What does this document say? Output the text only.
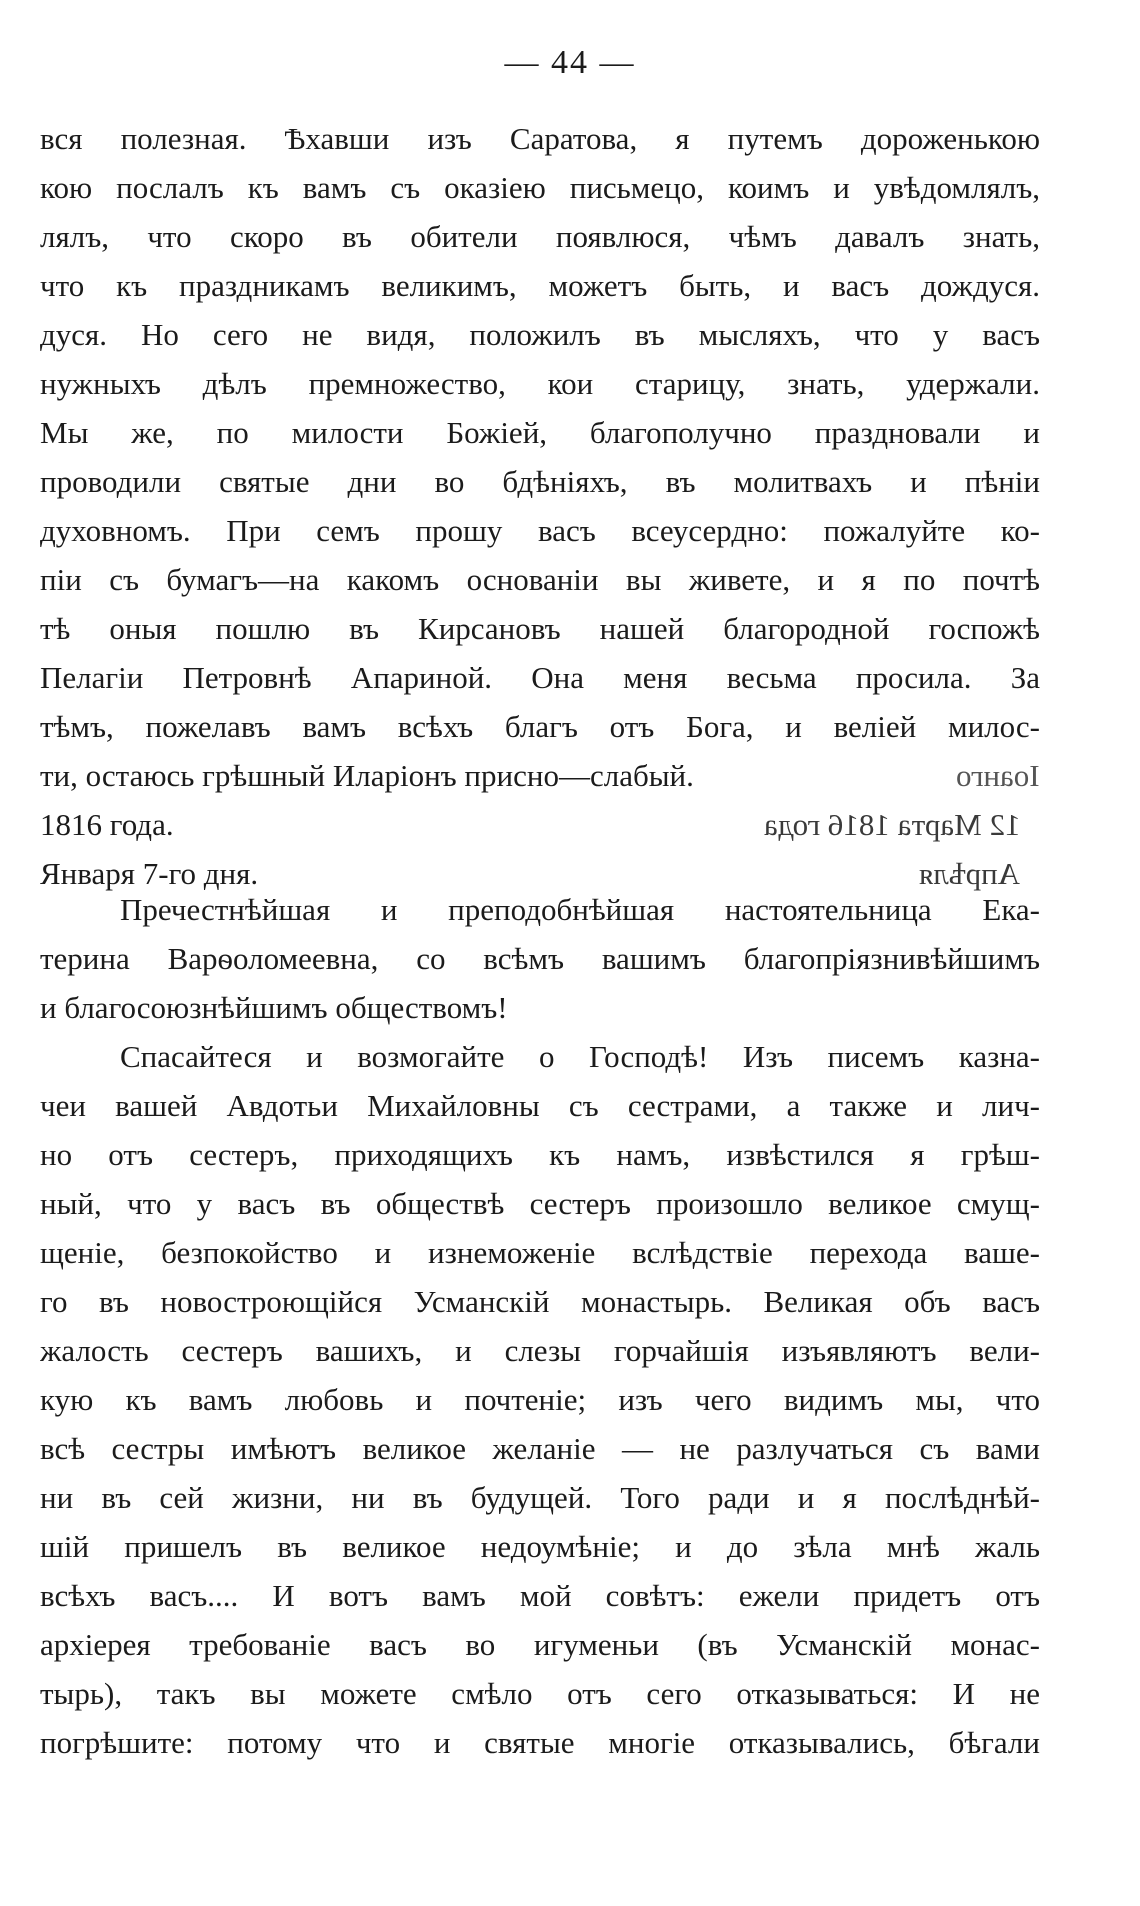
— 44 —
вся полезная. Ѣхавши изъ Саратова, я путемъ дороженькою
кою послалъ къ вамъ съ оказіею письмецо, коимъ и увѣдомлялъ,
лялъ, что скоро въ обители появлюся, чѣмъ давалъ знать,
что къ праздникамъ великимъ, можетъ быть, и васъ дождуся.
дуся. Но сего не видя, положилъ въ мысляхъ, что у васъ
нужныхъ дѣлъ премножество, кои старицу, знать, удержали.
Мы же, по милости Божіей, благополучно праздновали и
проводили святые дни во бдѣніяхъ, въ молитвахъ и пѣніи
духовномъ. При семъ прошу васъ всеусердно: пожалуйте ко-
піи съ бумагъ—на какомъ основаніи вы живете, и я по почтѣ
тѣ оныя пошлю въ Кирсановъ нашей благородной госпожѣ
Пелагіи Петровнѣ Апариной. Она меня весьма просила. За
тѣмъ, пожелавъ вамъ всѣхъ благъ отъ Бога, и велiей милос-
ти, остаюсь грѣшный Иларіонъ присно—слабый.	Іоанго
1816 года.	12 Марта 1816 года
Января 7-го дня.	Апрѣля
Пречестнѣйшая и преподобнѣйшая настоятельница Ека-
терина Варѳоломеевна, со всѣмъ вашимъ благопріязнивѣйшимъ
и благосоюзнѣйшимъ обществомъ!
Спасайтеся и возмогайте о Господѣ! Изъ писемъ казна-
чеи вашей Авдотьи Михайловны съ сестрами, а также и лич-
но отъ сестеръ, приходящихъ къ намъ, извѣстился я грѣш-
ный, что у васъ въ обществѣ сестеръ произошло великое смущ-
щеніе, безпокойство и изнеможеніе вслѣдствіе перехода ваше-
го въ новостроющійся Усманскій монастырь. Великая объ васъ
жалость сестеръ вашихъ, и слезы горчайшія изъявляютъ вели-
кую къ вамъ любовь и почтеніе; изъ чего видимъ мы, что
всѣ сестры имѣютъ великое желаніе — не разлучаться съ вами
ни въ сей жизни, ни въ будущей. Того ради и я послѣднѣй-
шій пришелъ въ великое недоумѣніе; и до зѣла мнѣ жаль
всѣхъ васъ.... И вотъ вамъ мой совѣтъ: ежели придетъ отъ
архіерея требованіе васъ во игуменьи (въ Усманскій монас-
тырь), такъ вы можете смѣло отъ сего отказываться: И не
погрѣшите: потому что и святые многіе отказывались, бѣгали
